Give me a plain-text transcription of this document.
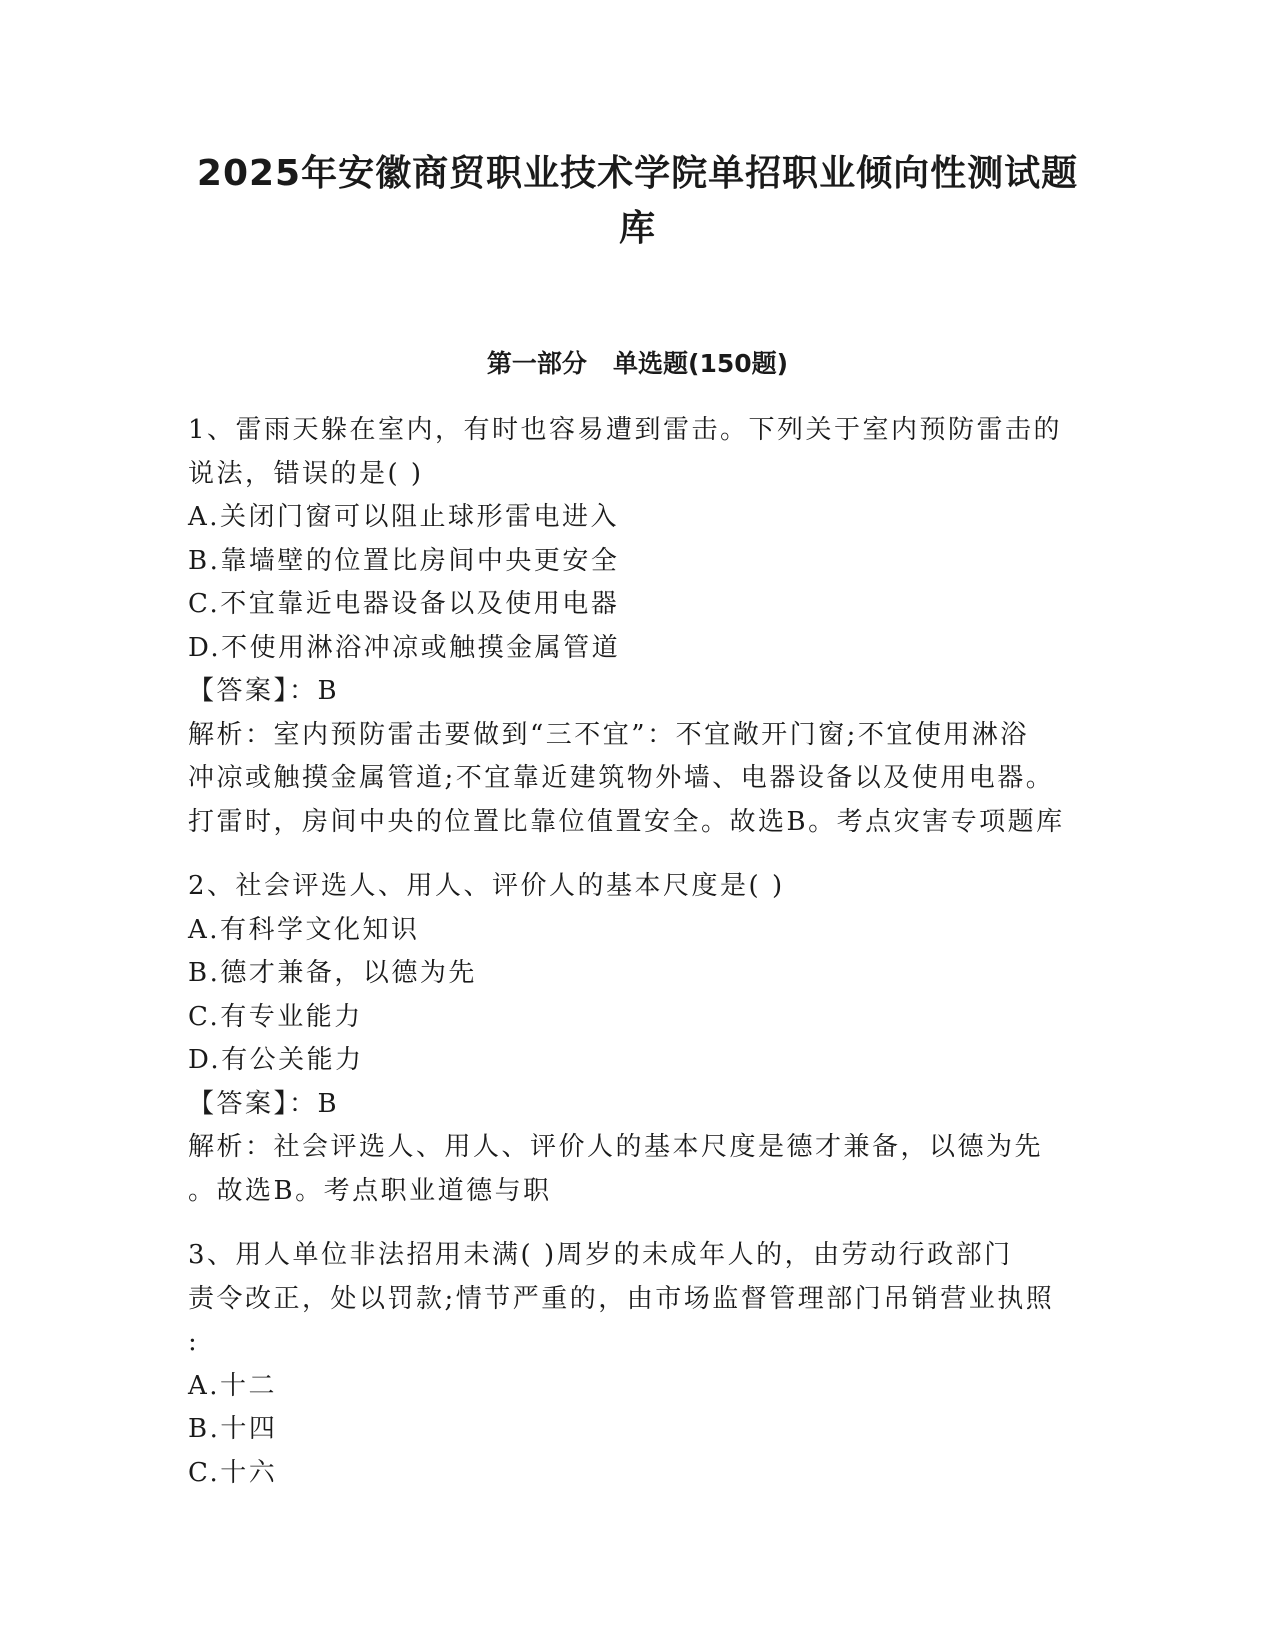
2025年安徽商贸职业技术学院单招职业倾向性测试题
库
第一部分   单选题(150题)
1、雷雨天躲在室内，有时也容易遭到雷击。下列关于室内预防雷击的
说法，错误的是( )
A.关闭门窗可以阻止球形雷电进入
B.靠墙壁的位置比房间中央更安全
C.不宜靠近电器设备以及使用电器
D.不使用淋浴冲凉或触摸金属管道
【答案】：B
解析：室内预防雷击要做到“三不宜”：不宜敞开门窗;不宜使用淋浴
冲凉或触摸金属管道;不宜靠近建筑物外墙、电器设备以及使用电器。
打雷时，房间中央的位置比靠位值置安全。故选B。考点灾害专项题库
2、社会评选人、用人、评价人的基本尺度是( )
A.有科学文化知识
B.德才兼备，以德为先
C.有专业能力
D.有公关能力
【答案】：B
解析：社会评选人、用人、评价人的基本尺度是德才兼备，以德为先
。故选B。考点职业道德与职
3、用人单位非法招用未满( )周岁的未成年人的，由劳动行政部门
责令改正，处以罚款;情节严重的，由市场监督管理部门吊销营业执照
:
A.十二
B.十四
C.十六
